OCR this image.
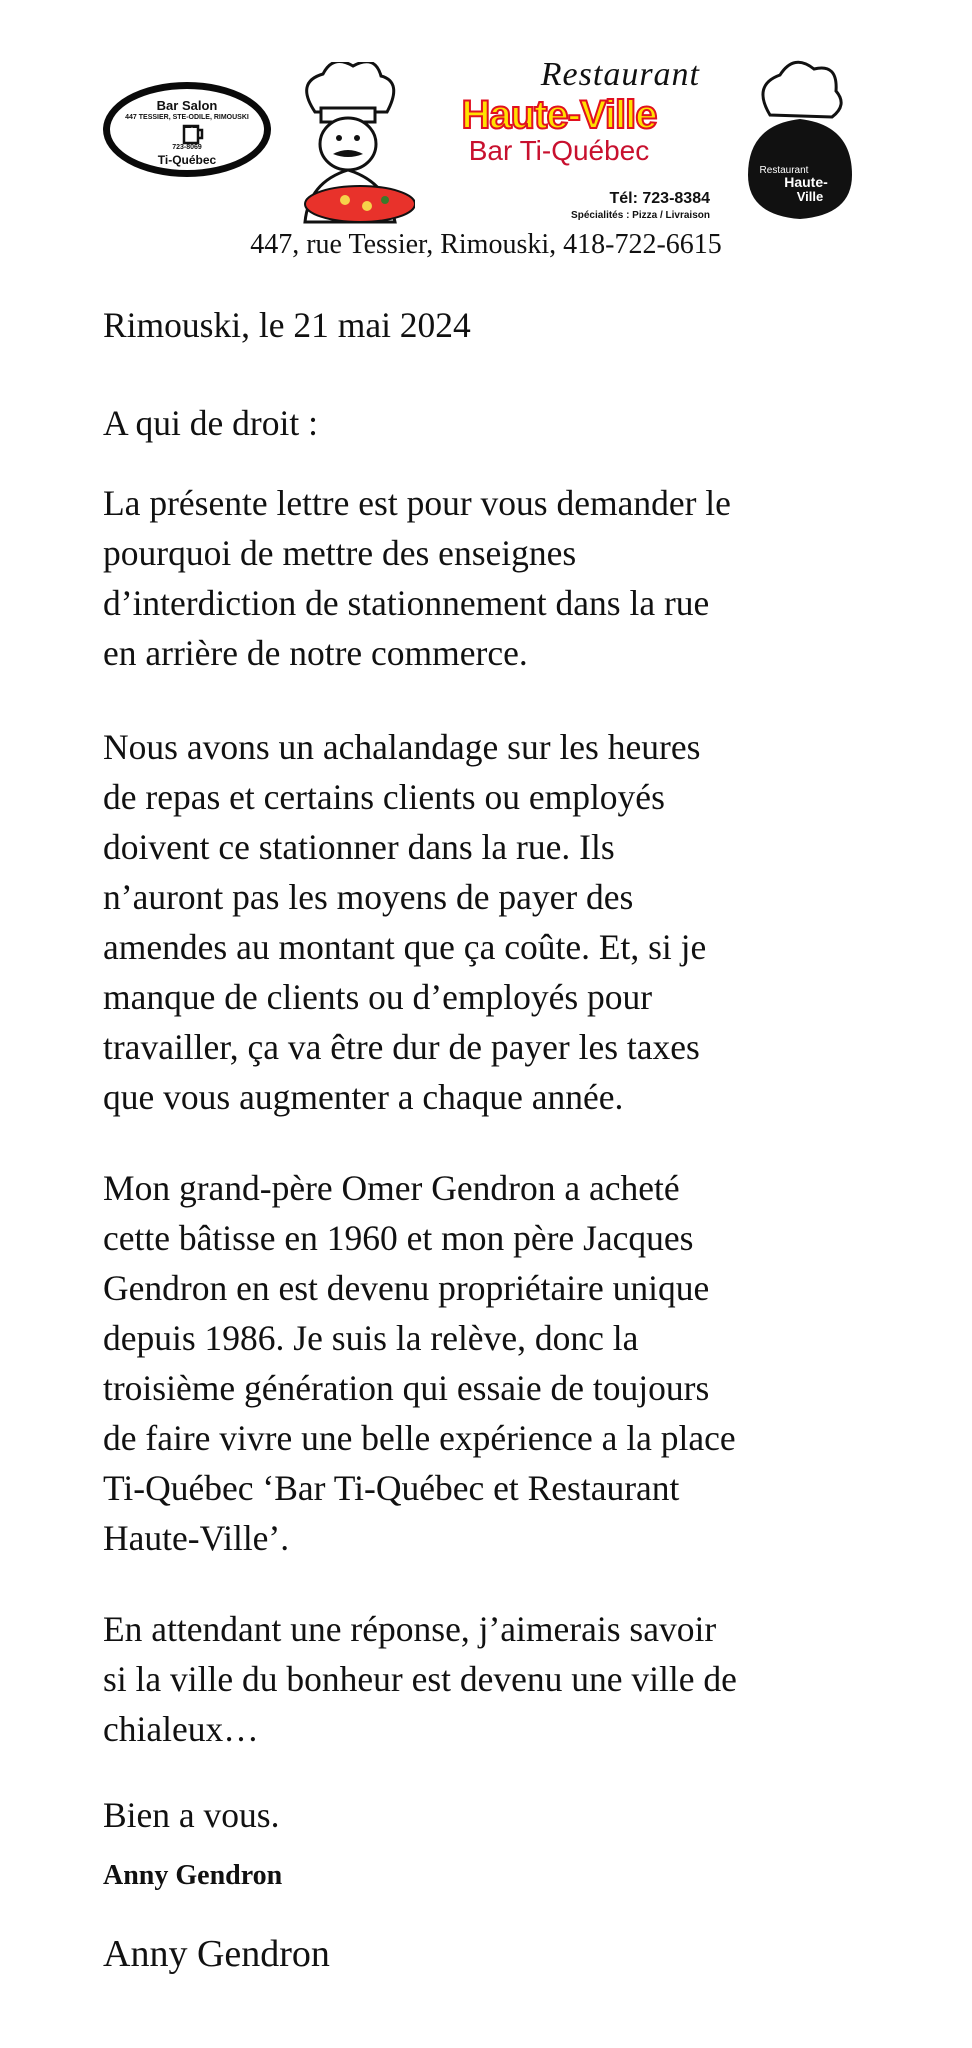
Bar Salon
447 TESSIER, STE-ODILE, RIMOUSKI
723-8069
Ti-Québec
Restaurant
Haute-Ville
Bar Ti-Québec
Tél: 723-8384
Spécialités : Pizza / Livraison
Restaurant
Haute-
Ville
447, rue Tessier, Rimouski, 418-722-6615
Rimouski, le 21 mai 2024
A qui de droit :
La présente lettre est pour vous demander le
pourquoi de mettre des enseignes
d’interdiction de stationnement dans la rue
en arrière de notre commerce.
Nous avons un achalandage sur les heures
de repas et certains clients ou employés
doivent ce stationner dans la rue. Ils
n’auront pas les moyens de payer des
amendes au montant que ça coûte. Et, si je
manque de clients ou d’employés pour
travailler, ça va être dur de payer les taxes
que vous augmenter a chaque année.
Mon grand-père Omer Gendron a acheté
cette bâtisse en 1960 et mon père Jacques
Gendron en est devenu propriétaire unique
depuis 1986. Je suis la relève, donc la
troisième génération qui essaie de toujours
de faire vivre une belle expérience a la place
Ti-Québec ‘Bar Ti-Québec et Restaurant
Haute-Ville’.
En attendant une réponse, j’aimerais savoir
si la ville du bonheur est devenu une ville de
chialeux…
Bien a vous.
Anny Gendron
Anny Gendron
